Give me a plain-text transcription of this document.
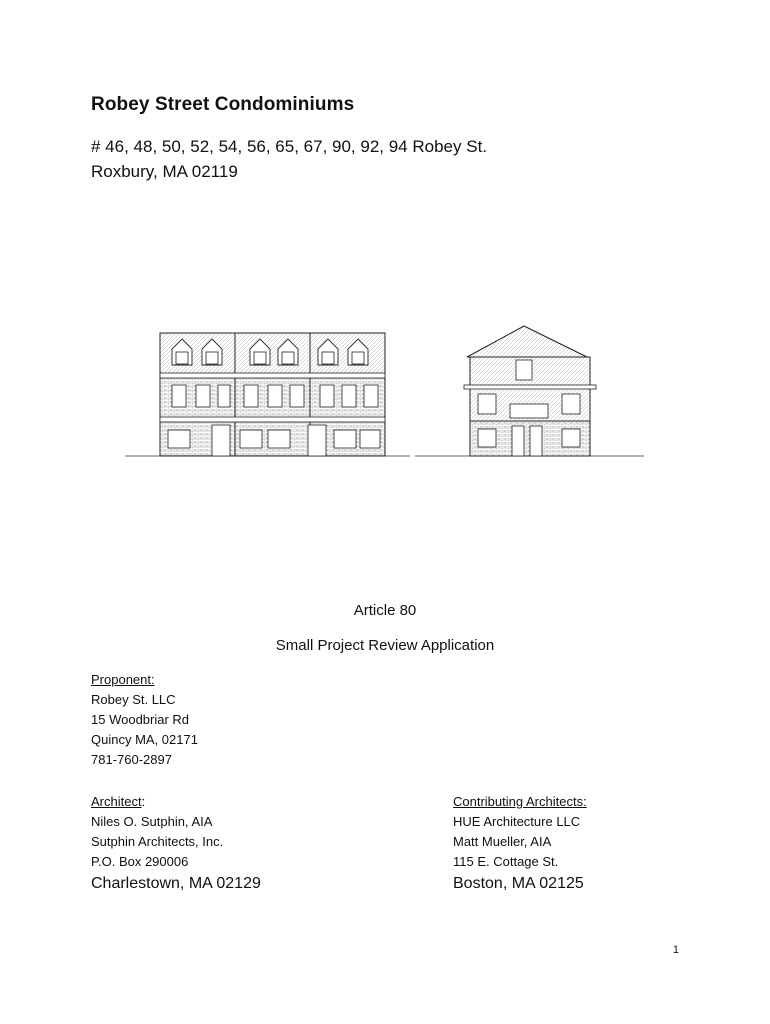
Robey Street Condominiums
# 46, 48, 50, 52, 54, 56, 65, 67, 90, 92, 94 Robey St.
Roxbury, MA 02119
Article 80
Small Project Review Application
Proponent:
Robey St. LLC
15 Woodbriar Rd
Quincy MA, 02171
781-760-2897
Architect:
Niles O. Sutphin, AIA
Sutphin Architects, Inc.
P.O. Box 290006
Charlestown, MA 02129
Contributing Architects:
HUE Architecture LLC
Matt Mueller, AIA
115 E. Cottage St.
Boston, MA 02125
1
